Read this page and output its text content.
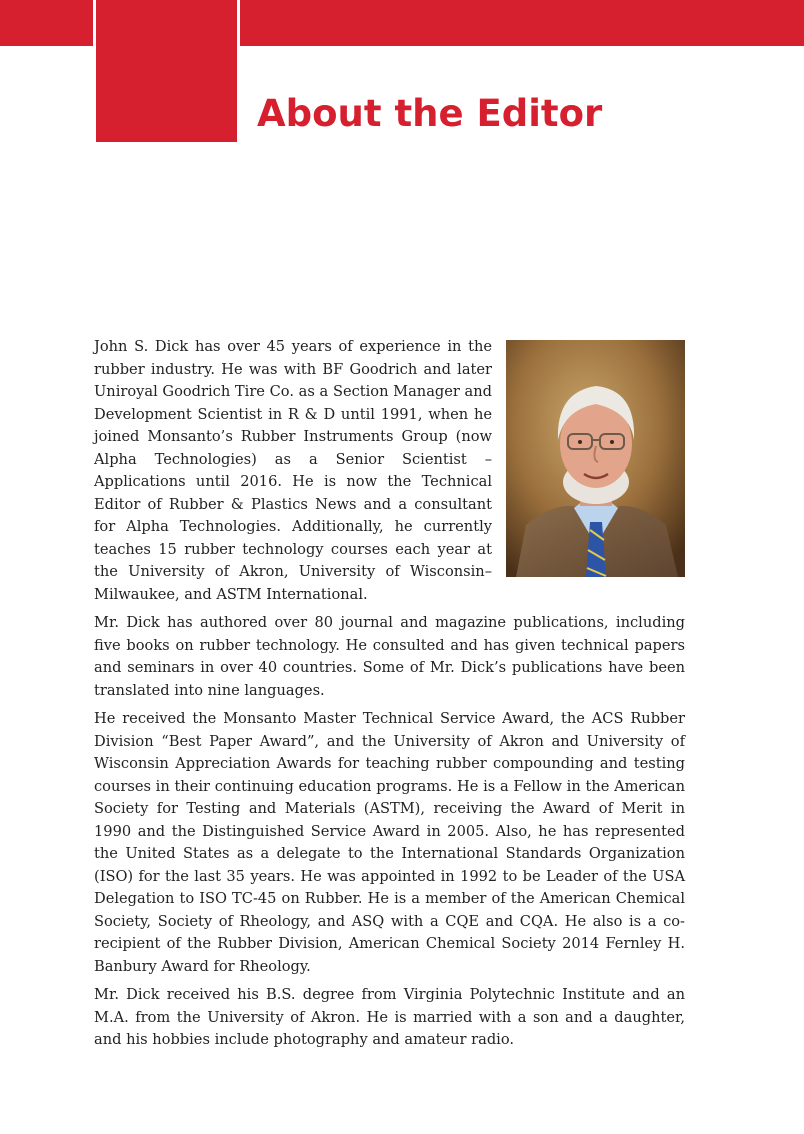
About the Editor

John S. Dick has over 45 years of experience in the rubber industry. He was with BF Goodrich and later Uniroyal Goodrich Tire Co. as a Section Manager and Development Scientist in R & D until 1991, when he joined Monsanto’s Rubber Instruments Group (now Alpha Technologies) as a Senior Scientist – Applications until 2016. He is now the Technical Editor of Rubber & Plastics News and a consultant for Alpha Technologies. Additionally, he currently teaches 15 rubber technology courses each year at the University of Akron, University of Wisconsin–Milwaukee, and ASTM International.

Mr. Dick has authored over 80 journal and magazine publications, including five books on rubber technology. He consulted and has given technical papers and seminars in over 40 countries. Some of Mr. Dick’s publications have been translated into nine languages.

He received the Monsanto Master Technical Service Award, the ACS Rubber Division “Best Paper Award”, and the University of Akron and University of Wisconsin Appreciation Awards for teaching rubber compounding and testing courses in their continuing education programs. He is a Fellow in the American Society for Testing and Materials (ASTM), receiving the Award of Merit in 1990 and the Distinguished Service Award in 2005. Also, he has represented the United States as a delegate to the International Standards Organization (ISO) for the last 35 years. He was appointed in 1992 to be Leader of the USA Delegation to ISO TC-45 on Rubber. He is a member of the American Chemical Society, Society of Rheology, and ASQ with a CQE and CQA. He also is a co-recipient of the Rubber Division, American Chemical Society 2014 Fernley H. Banbury Award for Rheology.

Mr. Dick received his B.S. degree from Virginia Polytechnic Institute and an M.A. from the University of Akron. He is married with a son and a daughter, and his hobbies include photography and amateur radio.
